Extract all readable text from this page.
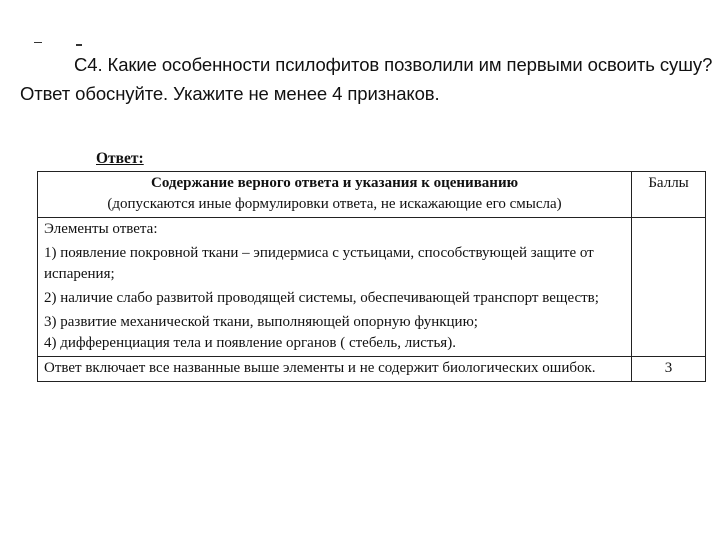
С4. Какие особенности псилофитов позволили им первыми освоить сушу?
Ответ обоснуйте. Укажите не менее 4 признаков.
Ответ:
Содержание верного ответа и указания к оцениванию
(допускаются иные формулировки ответа, не искажающие его смысла)	Баллы

Элементы ответа:
1) появление покровной ткани – эпидермиса с устьицами, способствующей защите от испарения;
2) наличие слабо развитой проводящей системы, обеспечивающей транспорт веществ;
3) развитие механической ткани, выполняющей опорную функцию;
4) дифференциация тела и появление органов ( стебель, листья).	

Ответ включает все названные выше элементы и не содержит биологических ошибок.	3
